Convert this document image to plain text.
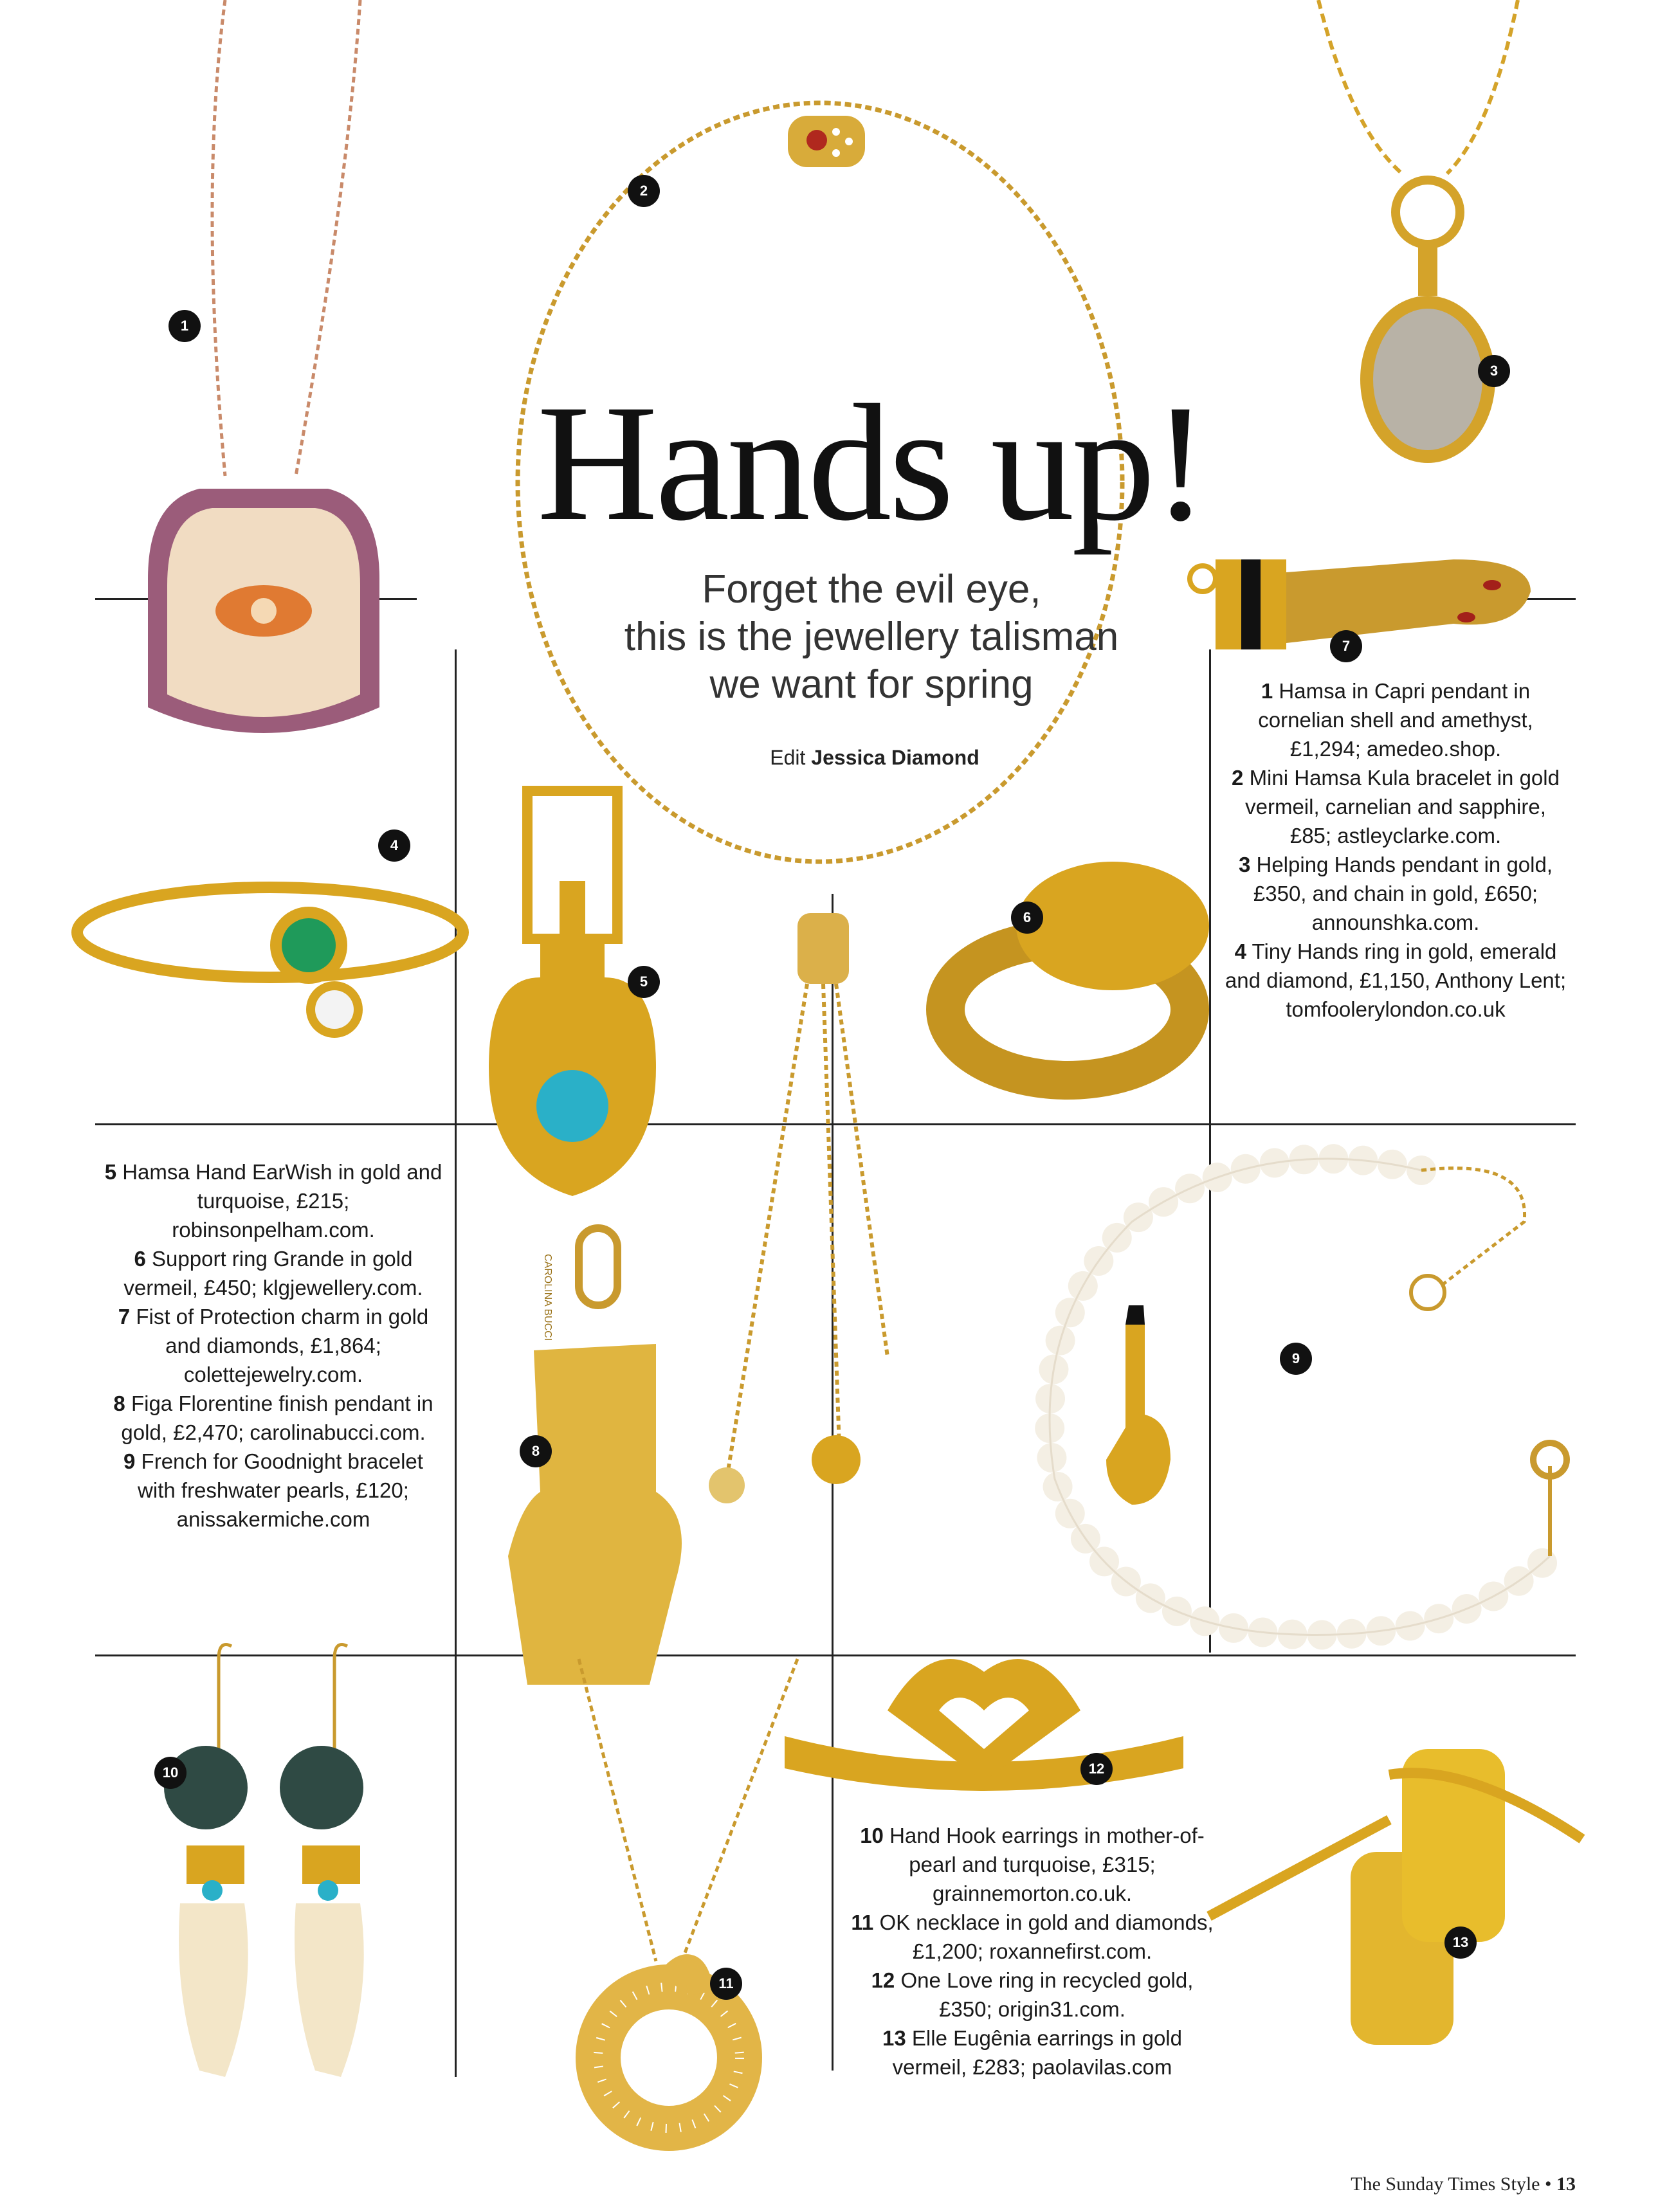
CAROLINA BUCCI
Hands up!
Forget the evil eye,
this is the jewellery talisman
we want for spring
Edit Jessica Diamond

1 Hamsa in Capri pendant in cornelian shell and amethyst, £1,294; amedeo.shop.

2 Mini Hamsa Kula bracelet in gold vermeil, carnelian and sapphire, £85; astleyclarke.com.

3 Helping Hands pendant in gold, £350, and chain in gold, £650; announshka.com.

4 Tiny Hands ring in gold, emerald and diamond, £1,150, Anthony Lent; tomfoolerylondon.co.uk

5 Hamsa Hand EarWish in gold and turquoise, £215; robinsonpelham.com.

6 Support ring Grande in gold vermeil, £450; klgjewellery.com.

7 Fist of Protection charm in gold and diamonds, £1,864; colettejewelry.com.

8 Figa Florentine finish pendant in gold, £2,470; carolinabucci.com.

9 French for Goodnight bracelet with freshwater pearls, £120; anissakermiche.com

10 Hand Hook earrings in mother-of-pearl and turquoise, £315; grainnemorton.co.uk.

11 OK necklace in gold and diamonds, £1,200; roxannefirst.com.

12 One Love ring in recycled gold, £350; origin31.com.

13 Elle Eugênia earrings in gold vermeil, £283; paolavilas.com

1
2
3
4
5
6
7
8
9
10
11
12
13
The Sunday Times Style • 13
